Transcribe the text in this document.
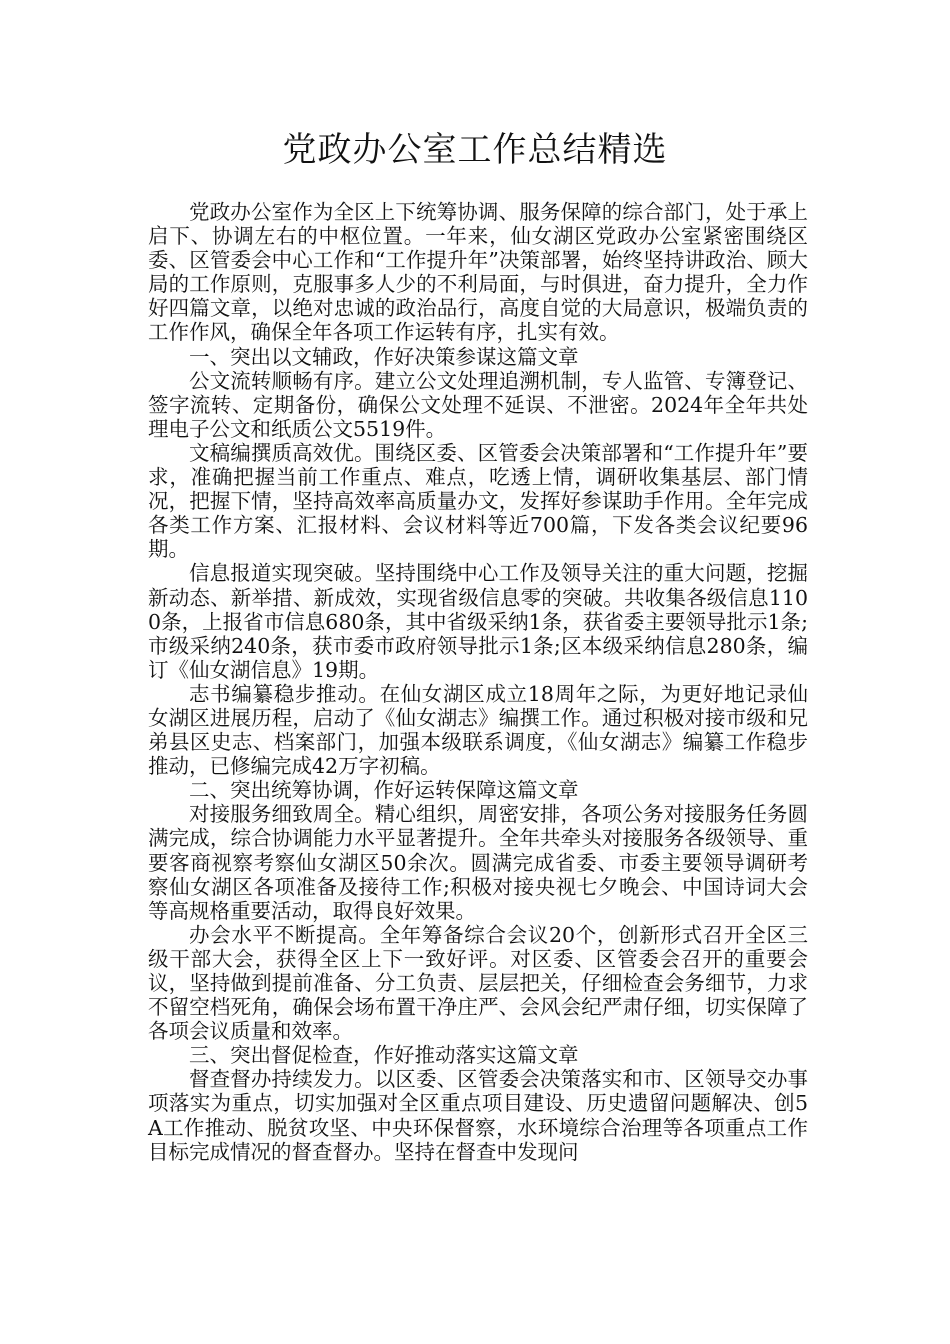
党政办公室工作总结精选

党政办公室作为全区上下统筹协调、服务保障的综合部门，处于承上启下、协调左右的中枢位置。一年来，仙女湖区党政办公室紧密围绕区委、区管委会中心工作和“工作提升年”决策部署，始终坚持讲政治、顾大局的工作原则，克服事多人少的不利局面，与时俱进，奋力提升，全力作好四篇文章，以绝对忠诚的政治品行，高度自觉的大局意识，极端负责的工作作风，确保全年各项工作运转有序，扎实有效。

一、突出以文辅政，作好决策参谋这篇文章

公文流转顺畅有序。建立公文处理追溯机制，专人监管、专簿登记、签字流转、定期备份，确保公文处理不延误、不泄密。2024年全年共处理电子公文和纸质公文5519件。

文稿编撰质高效优。围绕区委、区管委会决策部署和“工作提升年”要求，准确把握当前工作重点、难点，吃透上情，调研收集基层、部门情况，把握下情，坚持高效率高质量办文，发挥好参谋助手作用。全年完成各类工作方案、汇报材料、会议材料等近700篇，下发各类会议纪要96期。

信息报道实现突破。坚持围绕中心工作及领导关注的重大问题，挖掘新动态、新举措、新成效，实现省级信息零的突破。共收集各级信息1100条，上报省市信息680条，其中省级采纳1条，获省委主要领导批示1条;市级采纳240条，获市委市政府领导批示1条;区本级采纳信息280条，编订《仙女湖信息》19期。

志书编纂稳步推动。在仙女湖区成立18周年之际，为更好地记录仙女湖区进展历程，启动了《仙女湖志》编撰工作。通过积极对接市级和兄弟县区史志、档案部门，加强本级联系调度，《仙女湖志》编纂工作稳步推动，已修编完成42万字初稿。

二、突出统筹协调，作好运转保障这篇文章

对接服务细致周全。精心组织，周密安排，各项公务对接服务任务圆满完成，综合协调能力水平显著提升。全年共牵头对接服务各级领导、重要客商视察考察仙女湖区50余次。圆满完成省委、市委主要领导调研考察仙女湖区各项准备及接待工作;积极对接央视七夕晚会、中国诗词大会等高规格重要活动，取得良好效果。

办会水平不断提高。全年筹备综合会议20个，创新形式召开全区三级干部大会，获得全区上下一致好评。对区委、区管委会召开的重要会议，坚持做到提前准备、分工负责、层层把关，仔细检查会务细节，力求不留空档死角，确保会场布置干净庄严、会风会纪严肃仔细，切实保障了各项会议质量和效率。

三、突出督促检查，作好推动落实这篇文章

督查督办持续发力。以区委、区管委会决策落实和市、区领导交办事项落实为重点，切实加强对全区重点项目建设、历史遗留问题解决、创5A工作推动、脱贫攻坚、中央环保督察，水环境综合治理等各项重点工作目标完成情况的督查督办。坚持在督查中发现问
